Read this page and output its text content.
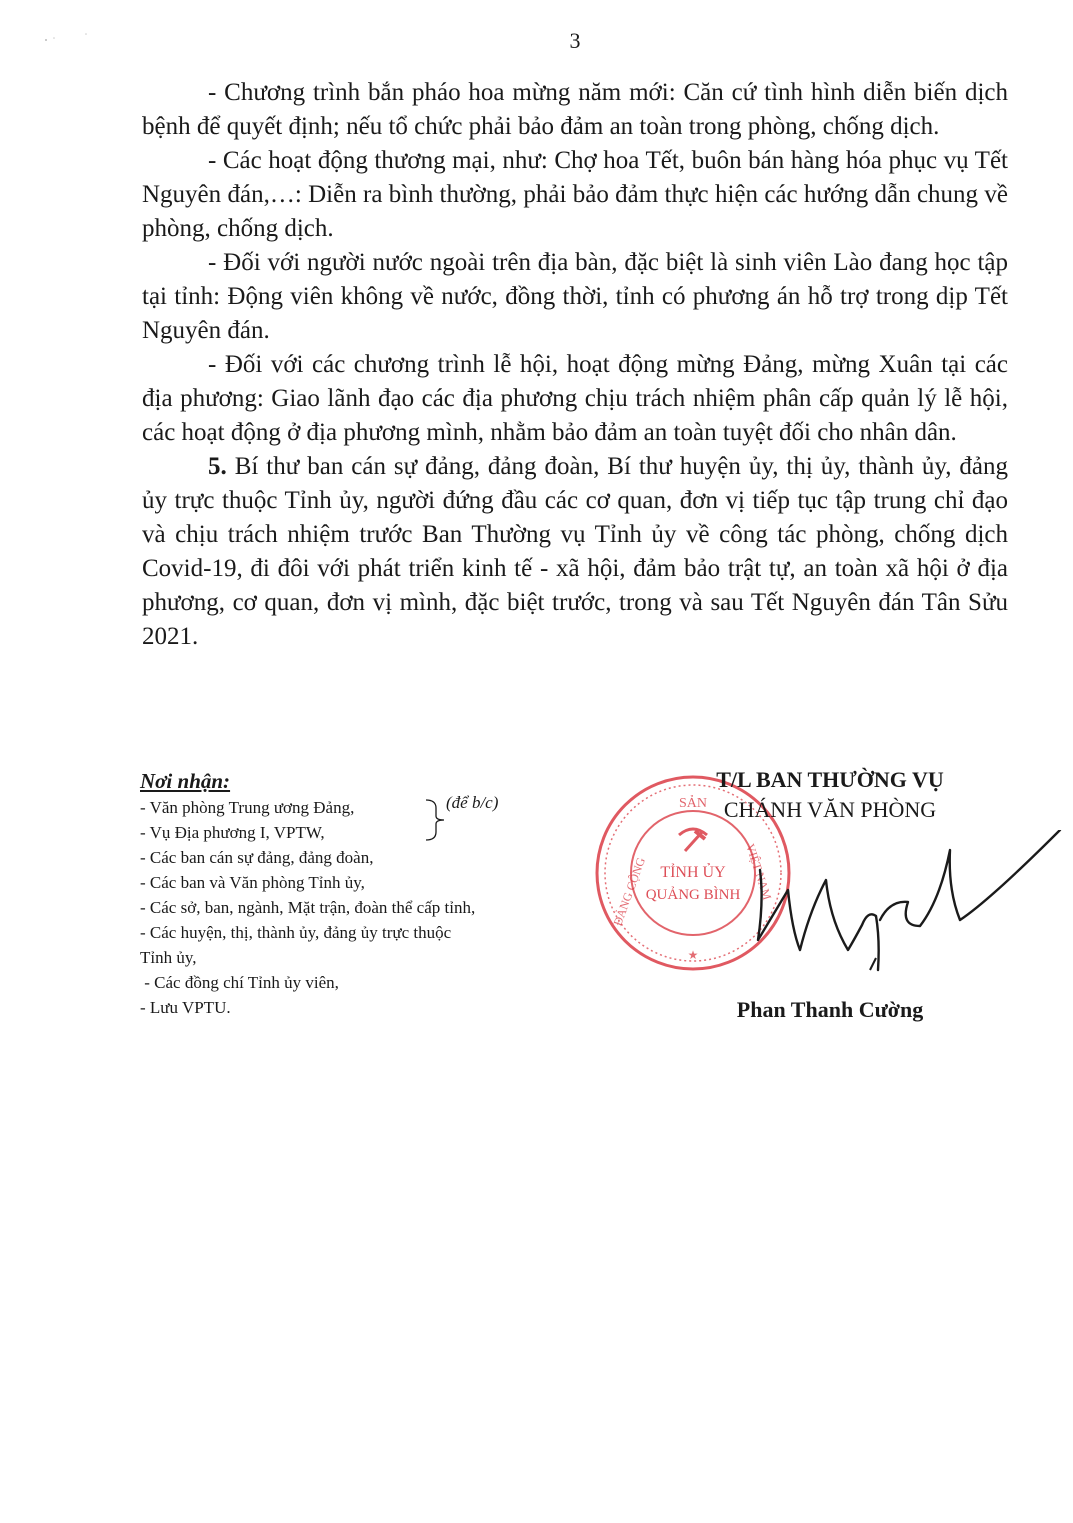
3

- Chương trình bắn pháo hoa mừng năm mới: Căn cứ tình hình diễn biến dịch bệnh để quyết định; nếu tổ chức phải bảo đảm an toàn trong phòng, chống dịch.

- Các hoạt động thương mại, như: Chợ hoa Tết, buôn bán hàng hóa phục vụ Tết Nguyên đán,…: Diễn ra bình thường, phải bảo đảm thực hiện các hướng dẫn chung về phòng, chống dịch.

- Đối với người nước ngoài trên địa bàn, đặc biệt là sinh viên Lào đang học tập tại tỉnh: Động viên không về nước, đồng thời, tỉnh có phương án hỗ trợ trong dịp Tết Nguyên đán.

- Đối với các chương trình lễ hội, hoạt động mừng Đảng, mừng Xuân tại các địa phương: Giao lãnh đạo các địa phương chịu trách nhiệm phân cấp quản lý lễ hội, các hoạt động ở địa phương mình, nhằm bảo đảm an toàn tuyệt đối cho nhân dân.

5. Bí thư ban cán sự đảng, đảng đoàn, Bí thư huyện ủy, thị ủy, thành ủy, đảng ủy trực thuộc Tỉnh ủy, người đứng đầu các cơ quan, đơn vị tiếp tục tập trung chỉ đạo và chịu trách nhiệm trước Ban Thường vụ Tỉnh ủy về công tác phòng, chống dịch Covid-19, đi đôi với phát triển kinh tế - xã hội, đảm bảo trật tự, an toàn xã hội ở địa phương, cơ quan, đơn vị mình, đặc biệt trước, trong và sau Tết Nguyên đán Tân Sửu 2021.

Nơi nhận:
- Văn phòng Trung ương Đảng,
- Vụ Địa phương I, VPTW,
- Các ban cán sự đảng, đảng đoàn,
- Các ban và Văn phòng Tỉnh ủy,
- Các sở, ban, ngành, Mặt trận, đoàn thể cấp tỉnh,
- Các huyện, thị, thành ủy, đảng ủy trực thuộc
Tỉnh ủy,
- Các đồng chí Tỉnh ủy viên,
- Lưu VPTU.
(để b/c)	SẢN
ĐẢNG CỘNG	VIỆT NAM
TỈNH ỦY
QUẢNG BÌNH
★
T/L BAN THƯỜNG VỤ
CHÁNH VĂN PHÒNG
Phan Thanh Cường
